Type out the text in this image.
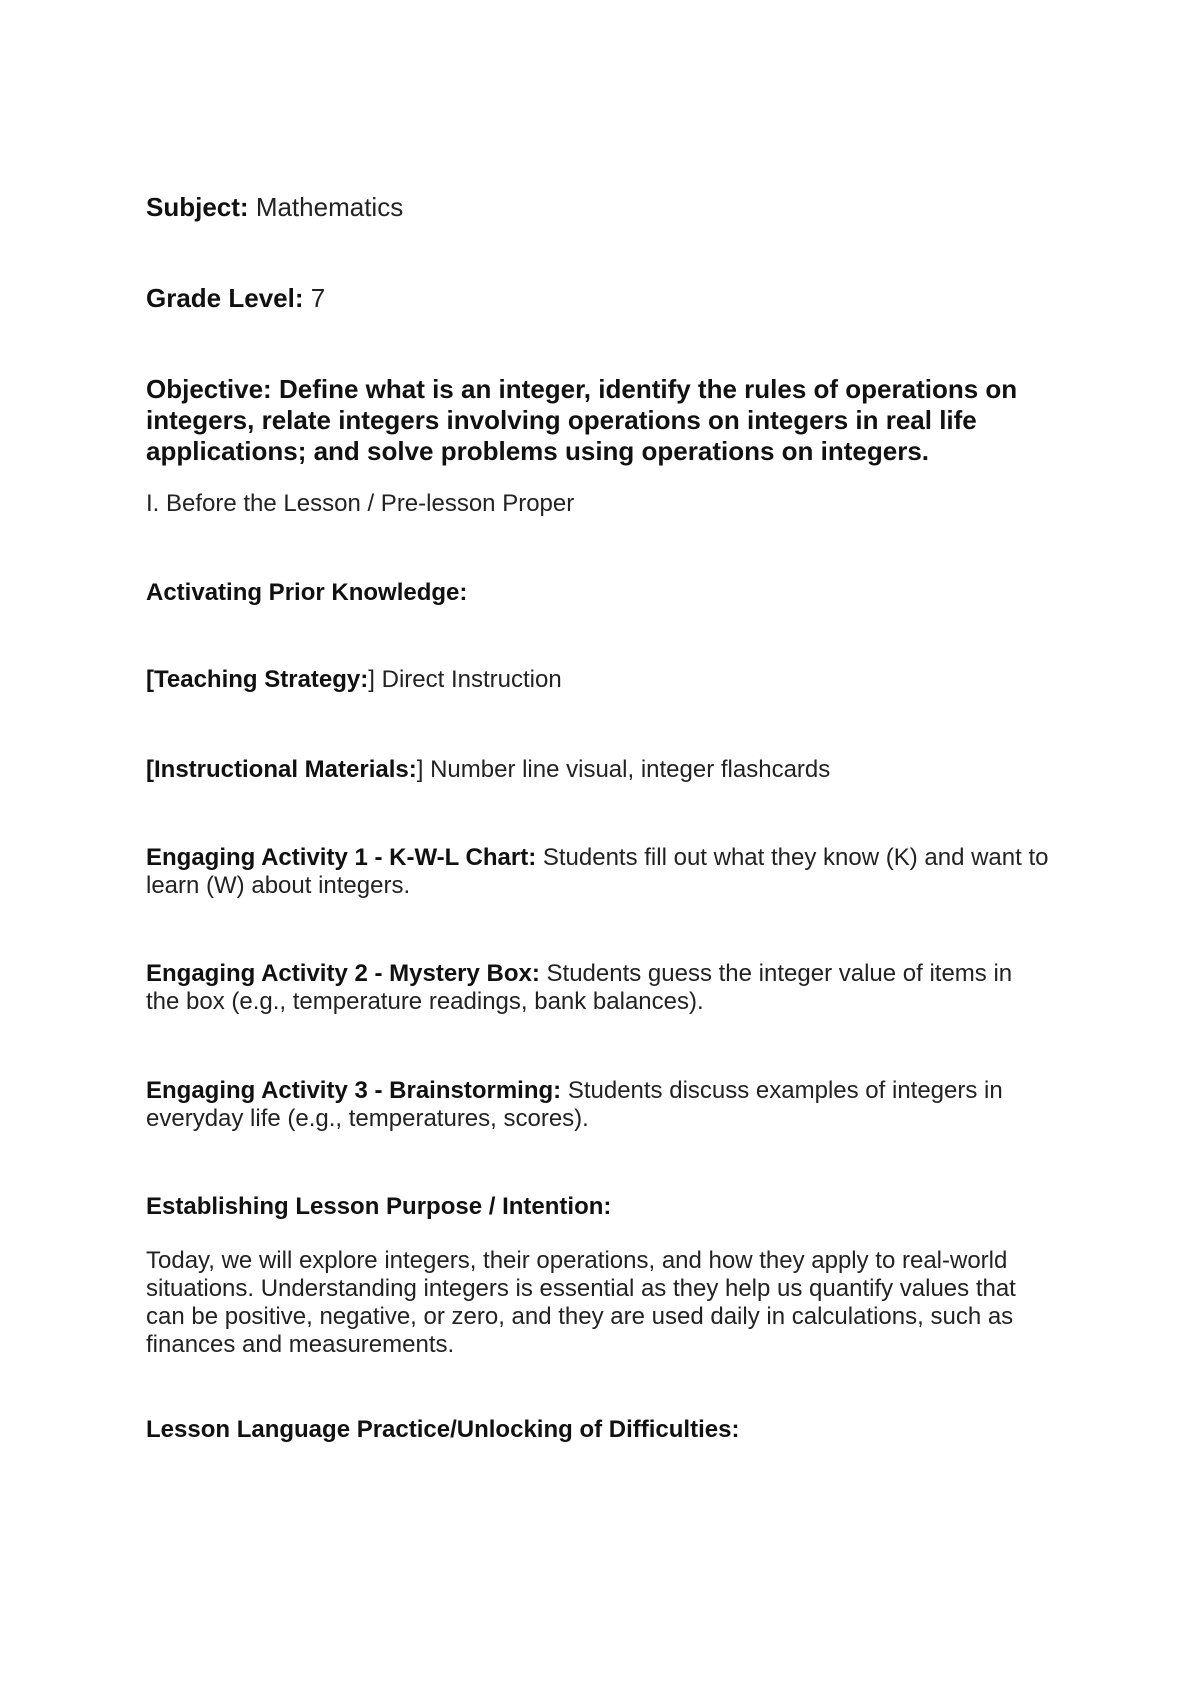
Subject: Mathematics
Grade Level: 7
Objective: Define what is an integer, identify the rules of operations on integers, relate integers involving operations on integers in real life applications; and solve problems using operations on integers.
I. Before the Lesson / Pre-lesson Proper
Activating Prior Knowledge:
[Teaching Strategy:] Direct Instruction
[Instructional Materials:] Number line visual, integer flashcards
Engaging Activity 1 - K-W-L Chart: Students fill out what they know (K) and want to learn (W) about integers.
Engaging Activity 2 - Mystery Box: Students guess the integer value of items in the box (e.g., temperature readings, bank balances).
Engaging Activity 3 - Brainstorming: Students discuss examples of integers in everyday life (e.g., temperatures, scores).
Establishing Lesson Purpose / Intention:
Today, we will explore integers, their operations, and how they apply to real-world situations. Understanding integers is essential as they help us quantify values that can be positive, negative, or zero, and they are used daily in calculations, such as finances and measurements.
Lesson Language Practice/Unlocking of Difficulties:
